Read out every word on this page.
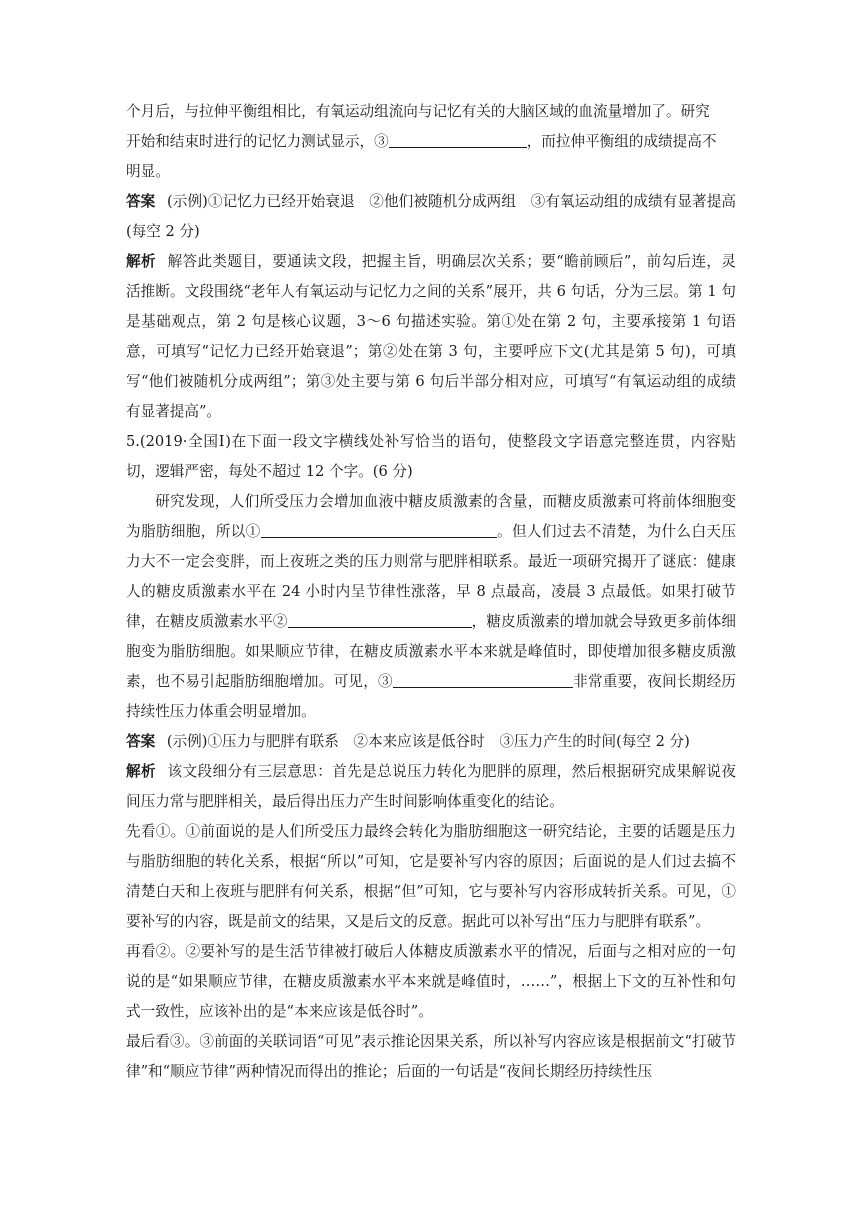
个月后，与拉伸平衡组相比，有氧运动组流向与记忆有关的大脑区域的血流量增加了。研究
开始和结束时进行的记忆力测试显示，③	，而拉伸平衡组的成绩提高不
明显。

答案 (示例)①记忆力已经开始衰退　②他们被随机分成两组　③有氧运动组的成绩有显著提高(每空 2 分)

解析 解答此类题目，要通读文段，把握主旨，明确层次关系；要“瞻前顾后”，前勾后连，灵活推断。文段围绕“老年人有氧运动与记忆力之间的关系”展开，共 6 句话，分为三层。第 1 句是基础观点，第 2 句是核心议题，3～6 句描述实验。第①处在第 2 句，主要承接第 1 句语意，可填写“记忆力已经开始衰退”；第②处在第 3 句，主要呼应下文(尤其是第 5 句)，可填写“他们被随机分成两组”；第③处主要与第 6 句后半部分相对应，可填写“有氧运动组的成绩有显著提高”。

5.(2019·全国Ⅰ)在下面一段文字横线处补写恰当的语句，使整段文字语意完整连贯，内容贴切，逻辑严密，每处不超过 12 个字。(6 分)

研究发现，人们所受压力会增加血液中糖皮质激素的含量，而糖皮质激素可将前体细胞变为脂肪细胞，所以①	。但人们过去不清楚，为什么白天压力大不一定会变胖，而上夜班之类的压力则常与肥胖相联系。最近一项研究揭开了谜底：健康人的糖皮质激素水平在 24 小时内呈节律性涨落，早 8 点最高，凌晨 3 点最低。如果打破节律，在糖皮质激素水平②	，糖皮质激素的增加就会导致更多前体细胞变为脂肪细胞。如果顺应节律，在糖皮质激素水平本来就是峰值时，即使增加很多糖皮质激素，也不易引起脂肪细胞增加。可见，③	非常重要，夜间长期经历持续性压力体重会明显增加。

答案 (示例)①压力与肥胖有联系　②本来应该是低谷时　③压力产生的时间(每空 2 分)

解析 该文段细分有三层意思：首先是总说压力转化为肥胖的原理，然后根据研究成果解说夜间压力常与肥胖相关，最后得出压力产生时间影响体重变化的结论。

先看①。①前面说的是人们所受压力最终会转化为脂肪细胞这一研究结论，主要的话题是压力与脂肪细胞的转化关系，根据“所以”可知，它是要补写内容的原因；后面说的是人们过去搞不清楚白天和上夜班与肥胖有何关系，根据“但”可知，它与要补写内容形成转折关系。可见，①要补写的内容，既是前文的结果，又是后文的反意。据此可以补写出“压力与肥胖有联系”。

再看②。②要补写的是生活节律被打破后人体糖皮质激素水平的情况，后面与之相对应的一句说的是“如果顺应节律，在糖皮质激素水平本来就是峰值时，……”，根据上下文的互补性和句式一致性，应该补出的是“本来应该是低谷时”。

最后看③。③前面的关联词语“可见”表示推论因果关系，所以补写内容应该是根据前文“打破节律”和“顺应节律”两种情况而得出的推论；后面的一句话是“夜间长期经历持续性压
